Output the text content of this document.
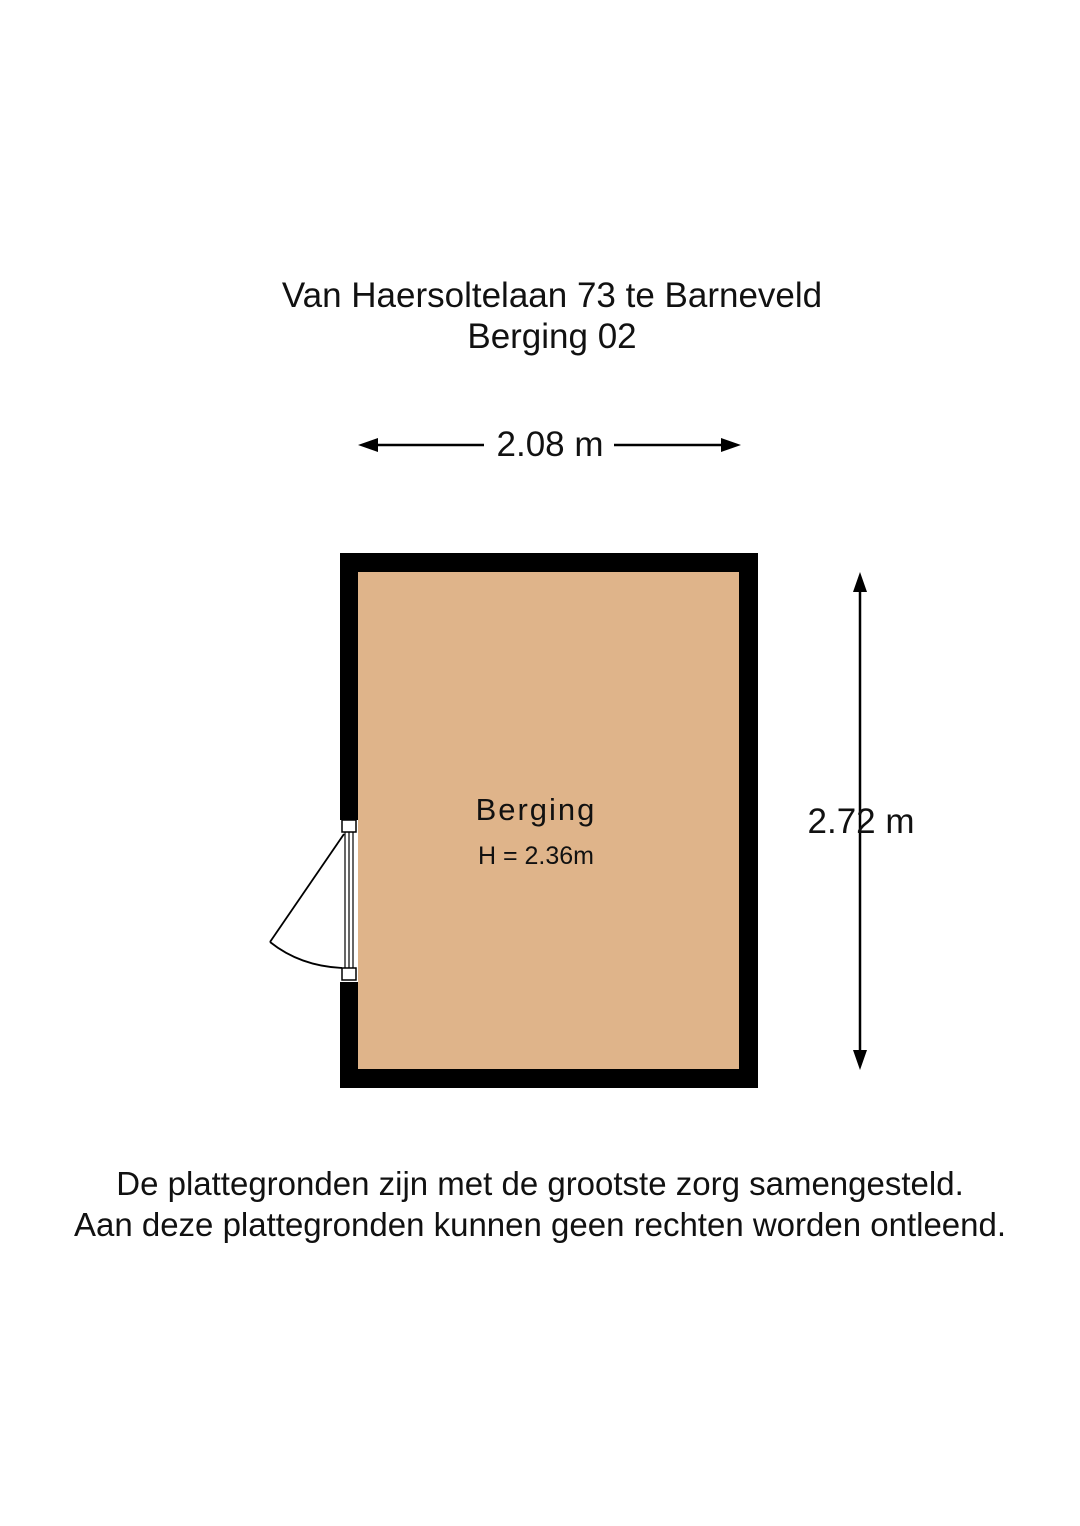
Van Haersoltelaan 73 te Barneveld
Berging 02
2.08 m
2.72 m
Berging
H = 2.36m
De plattegronden zijn met de grootste zorg samengesteld.
Aan deze plattegronden kunnen geen rechten worden ontleend.
